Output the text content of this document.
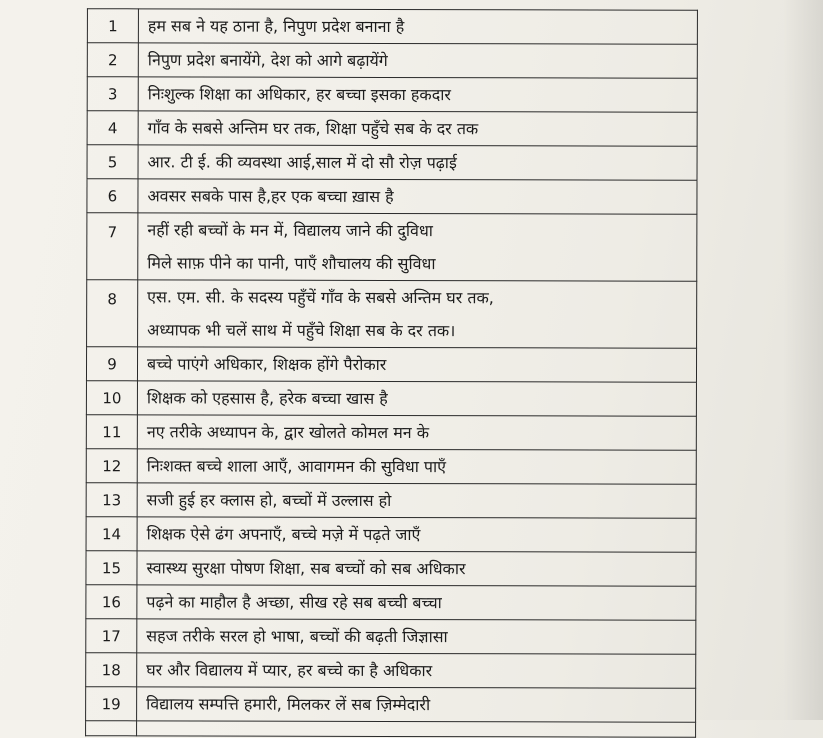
1	हम सब ने यह ठाना है, निपुण प्रदेश बनाना है

2	निपुण प्रदेश बनायेंगे, देश को आगे बढ़ायेंगे

3	निःशुल्क शिक्षा का अधिकार, हर बच्चा इसका हकदार

4	गाँव के सबसे अन्तिम घर तक, शिक्षा पहुँचे सब के दर तक

5	आर. टी ई. की व्यवस्था आई,साल में दो सौ रोज़ पढ़ाई

6	अवसर सबके पास है,हर एक बच्चा ख़ास है

7	नहीं रही बच्चों के मन में, विद्यालय जाने की दुविधा
मिले साफ़ पीने का पानी, पाएँ शौचालय की सुविधा

8	एस. एम. सी. के सदस्य पहुँचें गाँव के सबसे अन्तिम घर तक,
अध्यापक भी चलें साथ में पहुँचे शिक्षा सब के दर तक।

9	बच्चे पाएंगे अधिकार, शिक्षक होंगे पैरोकार

10	शिक्षक को एहसास है, हरेक बच्चा खास है

11	नए तरीके अध्यापन के, द्वार खोलते कोमल मन के

12	निःशक्त बच्चे शाला आएँ, आवागमन की सुविधा पाएँ

13	सजी हुई हर क्लास हो, बच्चों में उल्लास हो

14	शिक्षक ऐसे ढंग अपनाएँ, बच्चे मज़े में पढ़ते जाएँ

15	स्वास्थ्य सुरक्षा पोषण शिक्षा, सब बच्चों को सब अधिकार

16	पढ़ने का माहौल है अच्छा, सीख रहे सब बच्ची बच्चा

17	सहज तरीके सरल हो भाषा, बच्चों की बढ़ती जिज्ञासा

18	घर और विद्यालय में प्यार, हर बच्चे का है अधिकार

19	विद्यालय सम्पत्ति हमारी, मिलकर लें सब ज़िम्मेदारी
